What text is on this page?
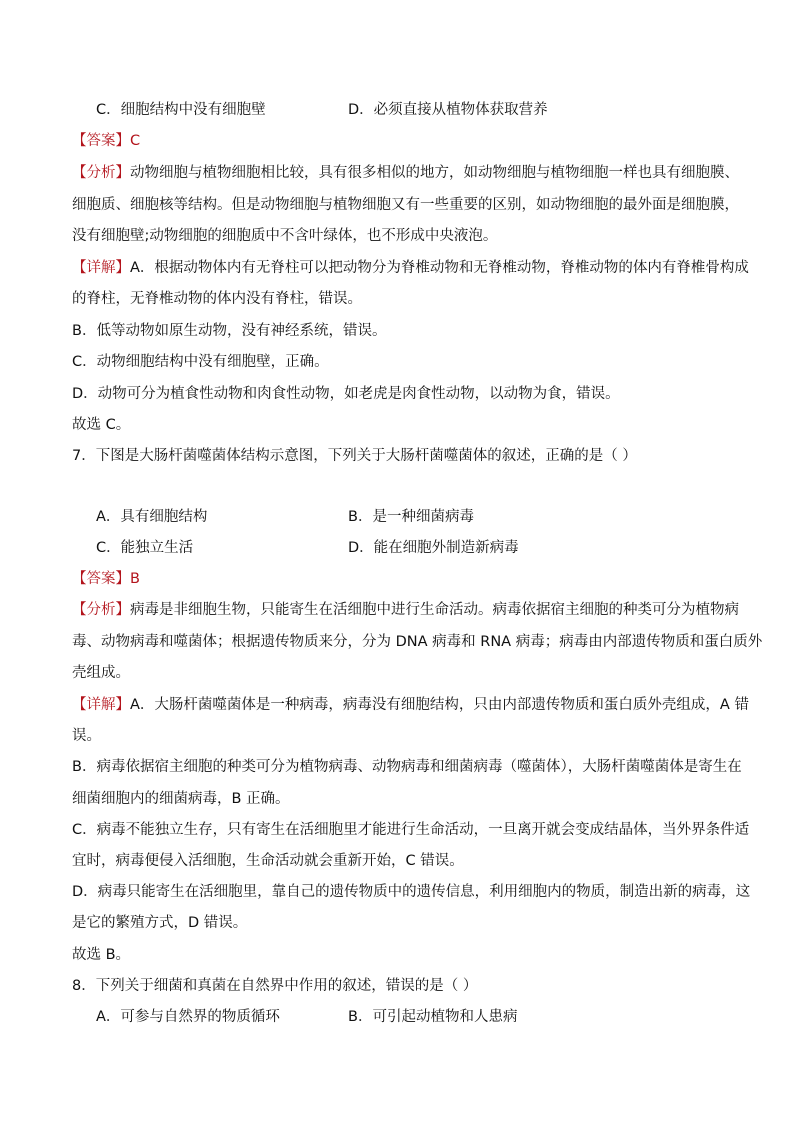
C．细胞结构中没有细胞壁	D．必须直接从植物体获取营养
【答案】C
【分析】动物细胞与植物细胞相比较，具有很多相似的地方，如动物细胞与植物细胞一样也具有细胞膜、
细胞质、细胞核等结构。但是动物细胞与植物细胞又有一些重要的区别，如动物细胞的最外面是细胞膜，
没有细胞壁;动物细胞的细胞质中不含叶绿体，也不形成中央液泡。
【详解】A．根据动物体内有无脊柱可以把动物分为脊椎动物和无脊椎动物，脊椎动物的体内有脊椎骨构成
的脊柱，无脊椎动物的体内没有脊柱，错误。
B．低等动物如原生动物，没有神经系统，错误。
C．动物细胞结构中没有细胞壁，正确。
D．动物可分为植食性动物和肉食性动物，如老虎是肉食性动物，以动物为食，错误。
故选 C。
7．下图是大肠杆菌噬菌体结构示意图，下列关于大肠杆菌噬菌体的叙述，正确的是（ ）
A．具有细胞结构	B．是一种细菌病毒
C．能独立生活	D．能在细胞外制造新病毒
【答案】B
【分析】病毒是非细胞生物，只能寄生在活细胞中进行生命活动。病毒依据宿主细胞的种类可分为植物病
毒、动物病毒和噬菌体；根据遗传物质来分，分为 DNA 病毒和 RNA 病毒；病毒由内部遗传物质和蛋白质外
壳组成。
【详解】A．大肠杆菌噬菌体是一种病毒，病毒没有细胞结构，只由内部遗传物质和蛋白质外壳组成，A 错
误。
B．病毒依据宿主细胞的种类可分为植物病毒、动物病毒和细菌病毒（噬菌体），大肠杆菌噬菌体是寄生在
细菌细胞内的细菌病毒，B 正确。
C．病毒不能独立生存，只有寄生在活细胞里才能进行生命活动，一旦离开就会变成结晶体，当外界条件适
宜时，病毒便侵入活细胞，生命活动就会重新开始，C 错误。
D．病毒只能寄生在活细胞里，靠自己的遗传物质中的遗传信息，利用细胞内的物质，制造出新的病毒，这
是它的繁殖方式，D 错误。
故选 B。
8．下列关于细菌和真菌在自然界中作用的叙述，错误的是（ ）
A．可参与自然界的物质循环	B．可引起动植物和人患病
